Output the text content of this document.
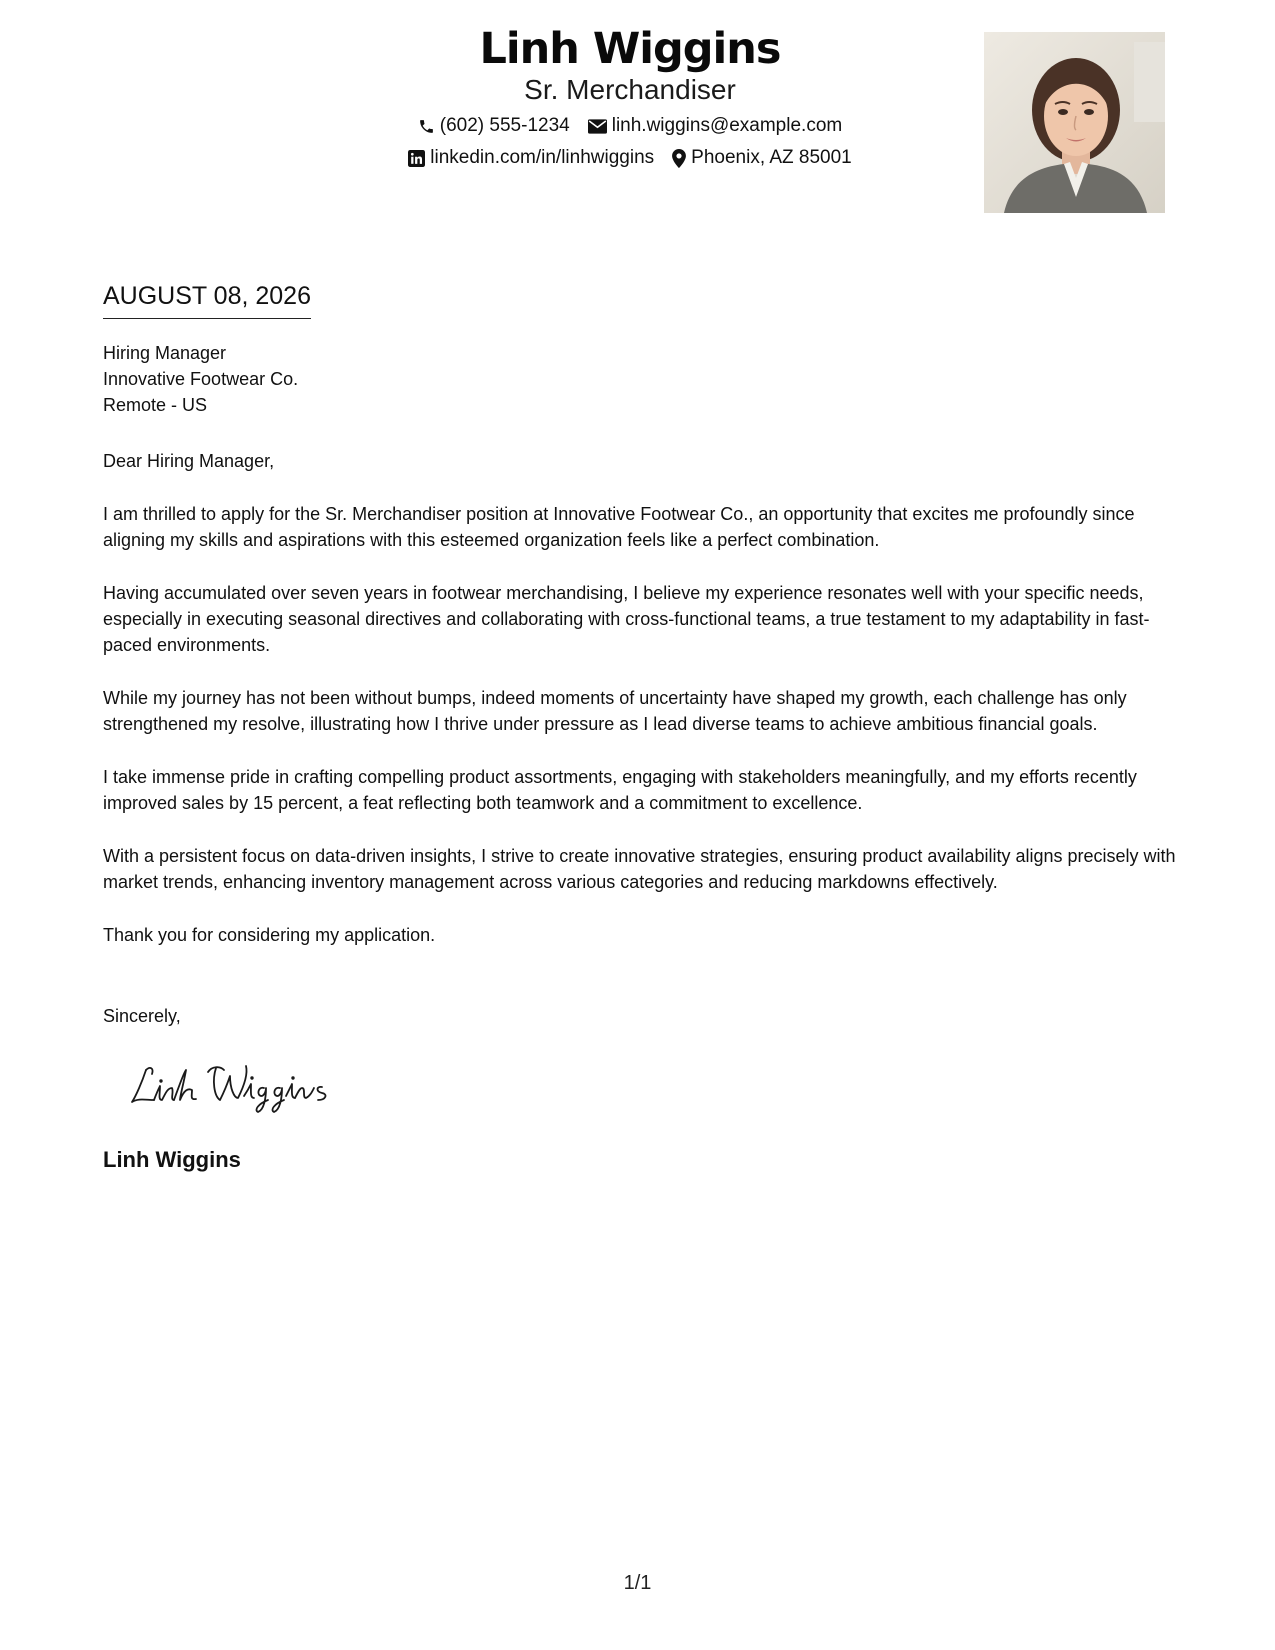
Linh Wiggins
Sr. Merchandiser
(602) 555-1234 linh.wiggins@example.com
linkedin.com/in/linhwiggins Phoenix, AZ 85001
AUGUST 08, 2026
Hiring Manager
Innovative Footwear Co.
Remote - US

Dear Hiring Manager,

I am thrilled to apply for the Sr. Merchandiser position at Innovative Footwear Co., an opportunity that excites me profoundly since aligning my skills and aspirations with this esteemed organization feels like a perfect combination.

Having accumulated over seven years in footwear merchandising, I believe my experience resonates well with your specific needs, especially in executing seasonal directives and collaborating with cross-functional teams, a true testament to my adaptability in fast-paced environments.

While my journey has not been without bumps, indeed moments of uncertainty have shaped my growth, each challenge has only strengthened my resolve, illustrating how I thrive under pressure as I lead diverse teams to achieve ambitious financial goals.

I take immense pride in crafting compelling product assortments, engaging with stakeholders meaningfully, and my efforts recently improved sales by 15 percent, a feat reflecting both teamwork and a commitment to excellence.

With a persistent focus on data-driven insights, I strive to create innovative strategies, ensuring product availability aligns precisely with market trends, enhancing inventory management across various categories and reducing markdowns effectively.

Thank you for considering my application.

Sincerely,
Linh Wiggins
1/1
